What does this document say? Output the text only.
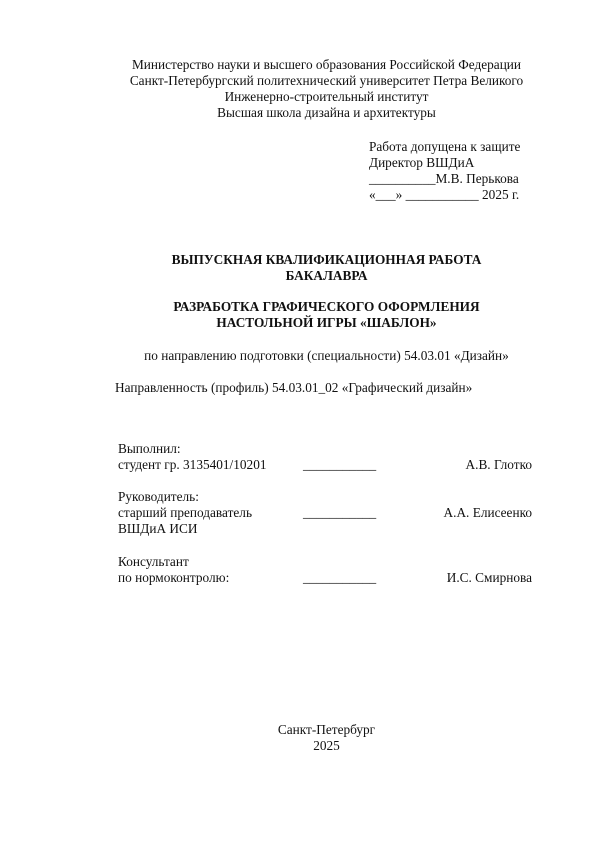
Министерство науки и высшего образования Российской Федерации
Санкт-Петербургский политехнический университет Петра Великого
Инженерно-строительный институт
Высшая школа дизайна и архитектуры
Работа допущена к защите
Директор ВШДиА
__________М.В. Перькова
«___» ___________ 2025 г.
ВЫПУСКНАЯ КВАЛИФИКАЦИОННАЯ РАБОТА
БАКАЛАВРА
РАЗРАБОТКА ГРАФИЧЕСКОГО ОФОРМЛЕНИЯ
НАСТОЛЬНОЙ ИГРЫ «ШАБЛОН»
по направлению подготовки (специальности) 54.03.01 «Дизайн»
Направленность (профиль) 54.03.01_02 «Графический дизайн»
Выполнил:
студент гр. 3135401/10201	___________	А.В. Глотко
Руководитель:
старший преподаватель	___________	А.А. Елисеенко
ВШДиА ИСИ
Консультант
по нормоконтролю:	___________	И.С. Смирнова
Санкт-Петербург
2025
